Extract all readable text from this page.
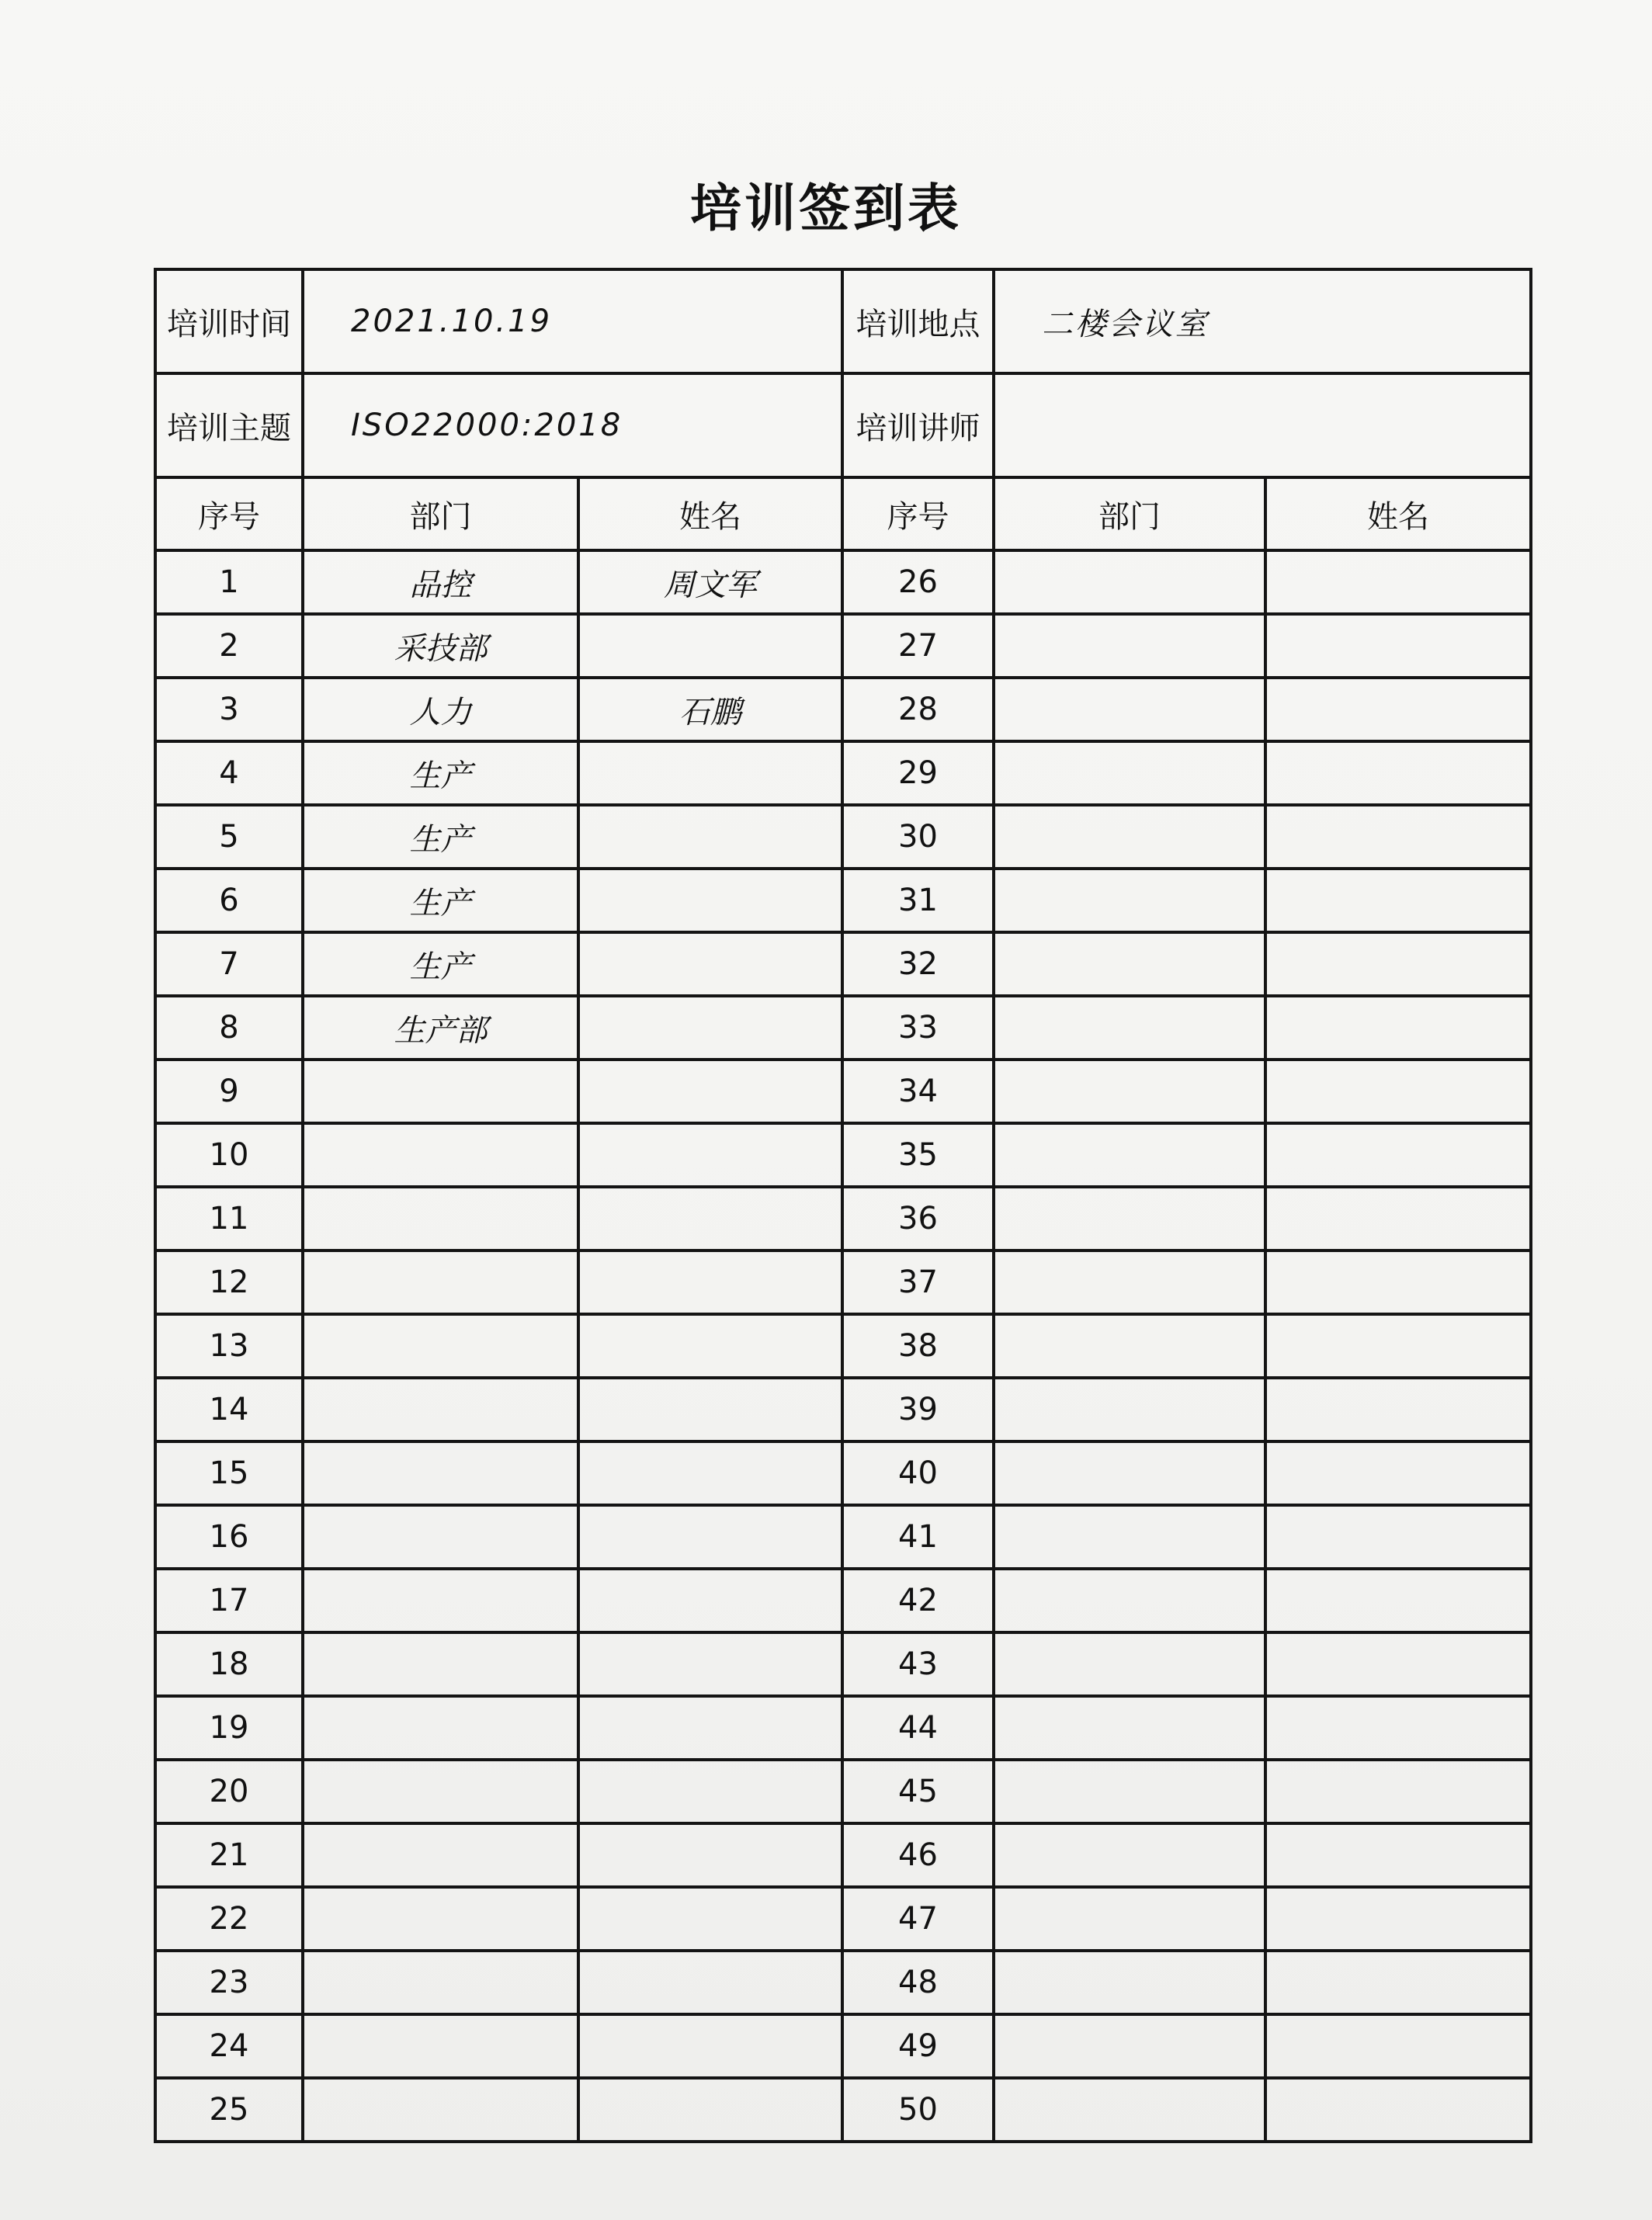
培训签到表
培训时间	2021.10.19		培训地点	二楼会议室	
培训主题	ISO22000:2018		培训讲师		
序号	部门	姓名	序号	部门	姓名
1	品控	周文军	26		
2	采技部		27		
3	人力	石鹏	28		
4	生产		29		
5	生产		30		
6	生产		31		
7	生产		32		
8	生产部		33		
9			34		
10			35		
11			36		
12			37		
13			38		
14			39		
15			40		
16			41		
17			42		
18			43		
19			44		
20			45		
21			46		
22			47		
23			48		
24			49		
25			50		
